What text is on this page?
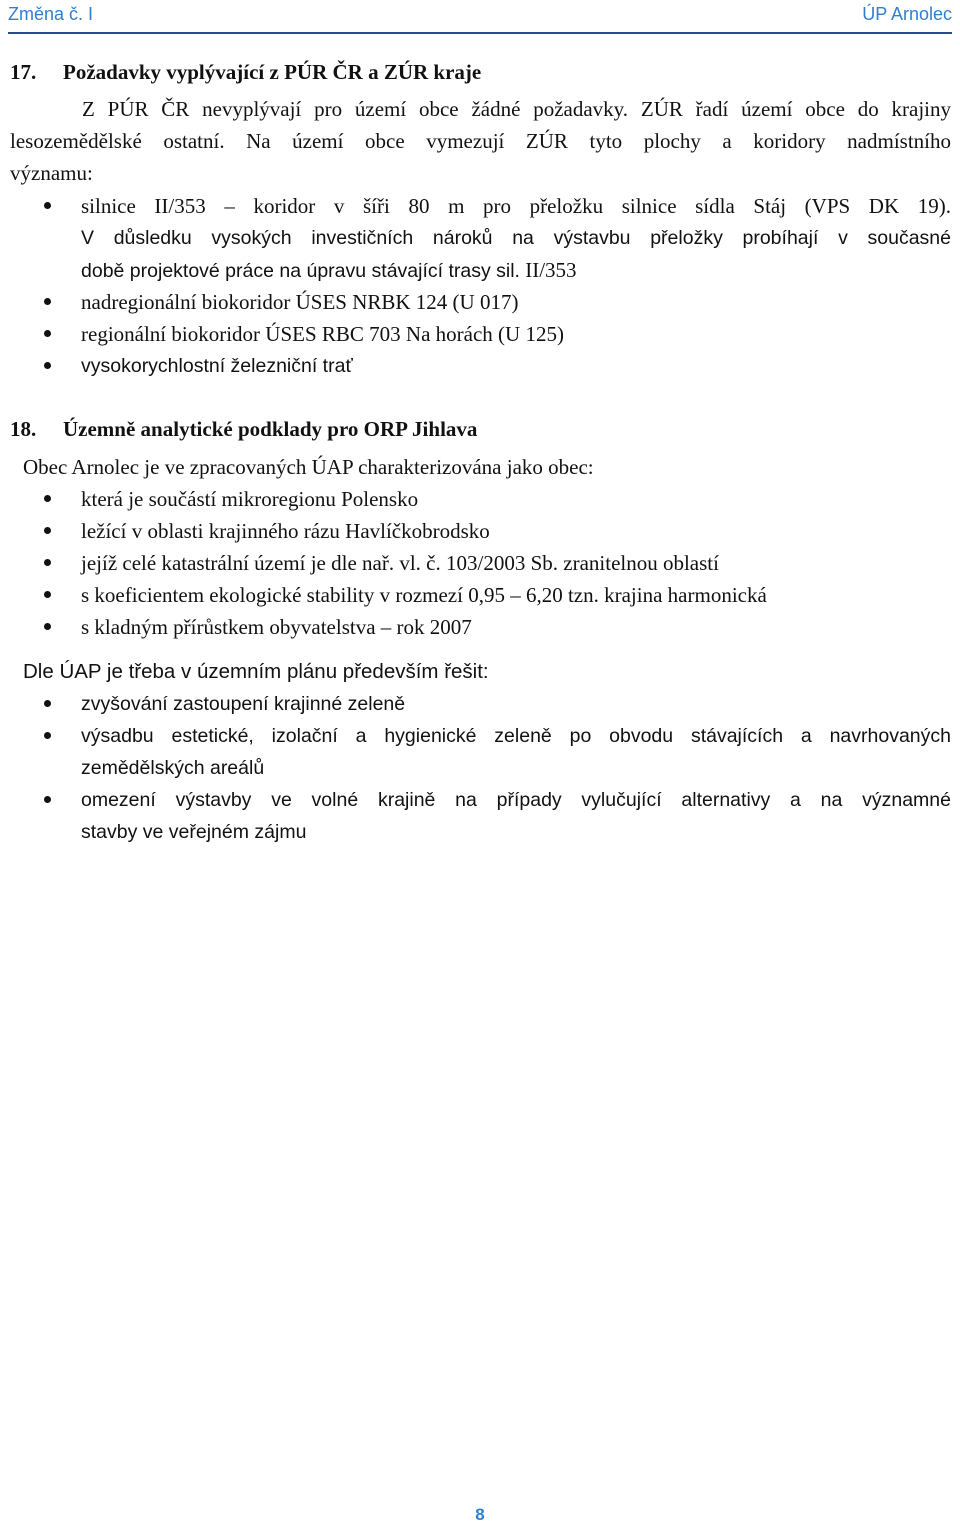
Změna č. I	ÚP Arnolec
17. Požadavky vyplývající z PÚR ČR a ZÚR kraje
Z PÚR ČR nevyplývají pro území obce žádné požadavky. ZÚR řadí území obce do krajiny
lesozemědělské ostatní. Na území obce vymezují ZÚR tyto plochy a koridory nadmístního
významu:
silnice II/353 – koridor v šíři 80 m pro přeložku silnice sídla Stáj (VPS DK 19).
V důsledku vysokých investičních nároků na výstavbu přeložky probíhají v současné
době projektové práce na úpravu stávající trasy sil. II/353
nadregionální biokoridor ÚSES NRBK 124 (U 017)
regionální biokoridor ÚSES RBC 703 Na horách (U 125)
vysokorychlostní železniční trať
18. Územně analytické podklady pro ORP Jihlava
Obec Arnolec je ve zpracovaných ÚAP charakterizována jako obec:
která je součástí mikroregionu Polensko
ležící v oblasti krajinného rázu Havlíčkobrodsko
jejíž celé katastrální území je dle nař. vl. č. 103/2003 Sb. zranitelnou oblastí
s koeficientem ekologické stability v rozmezí 0,95 – 6,20 tzn. krajina harmonická
s kladným přírůstkem obyvatelstva – rok 2007
Dle ÚAP je třeba v územním plánu především řešit:
zvyšování zastoupení krajinné zeleně
výsadbu estetické, izolační a hygienické zeleně po obvodu stávajících a navrhovaných
zemědělských areálů
omezení výstavby ve volné krajině na případy vylučující alternativy a na významné
stavby ve veřejném zájmu
8
